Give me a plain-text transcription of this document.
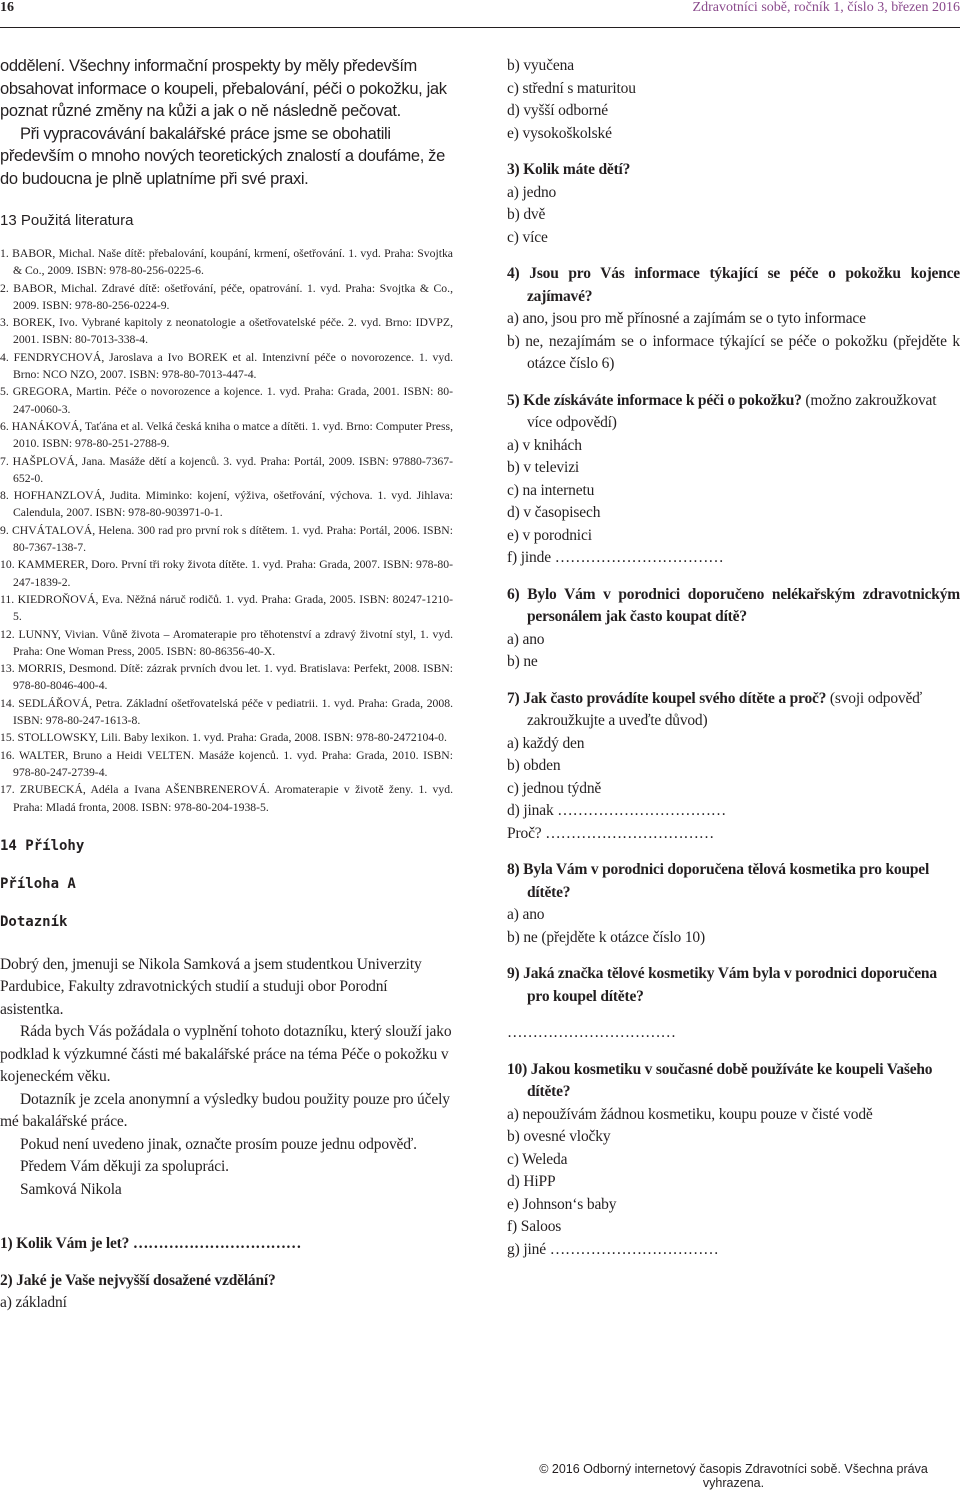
16	Zdravotníci sobě, ročník 1, číslo 3, březen 2016

oddělení. Všechny informační prospekty by měly především obsahovat informace o koupeli, přebalování, péči o pokožku, jak poznat různé změny na kůži a jak o ně následně pečovat.

Při vypracovávání bakalářské práce jsme se obohatili především o mnoho nových teoretických znalostí a doufáme, že do budoucna je plně uplatníme při své praxi.

13 Použitá literatura

1. BABOR, Michal. Naše dítě: přebalování, koupání, krmení, ošetřování. 1. vyd. Praha: Svojtka & Co., 2009. ISBN: 978-80-256-0225-6.

2. BABOR, Michal. Zdravé dítě: ošetřování, péče, opatrování. 1. vyd. Praha: Svojtka & Co., 2009. ISBN: 978-80-256-0224-9.

3. BOREK, Ivo. Vybrané kapitoly z neonatologie a ošetřovatelské péče. 2. vyd. Brno: IDVPZ, 2001. ISBN: 80-7013-338-4.

4. FENDRYCHOVÁ, Jaroslava a Ivo BOREK et al. Intenzivní péče o novorozence. 1. vyd. Brno: NCO NZO, 2007. ISBN: 978-80-7013-447-4.

5. GREGORA, Martin. Péče o novorozence a kojence. 1. vyd. Praha: Grada, 2001. ISBN: 80-247-0060-3.

6. HANÁKOVÁ, Taťána et al. Velká česká kniha o matce a dítěti. 1. vyd. Brno: Computer Press, 2010. ISBN: 978-80-251-2788-9.

7. HAŠPLOVÁ, Jana. Masáže dětí a kojenců. 3. vyd. Praha: Portál, 2009. ISBN: 97880-7367-652-0.

8. HOFHANZLOVÁ, Judita. Miminko: kojení, výživa, ošetřování, výchova. 1. vyd. Jihlava: Calendula, 2007. ISBN: 978-80-903971-0-1.

9. CHVÁTALOVÁ, Helena. 300 rad pro první rok s dítětem. 1. vyd. Praha: Portál, 2006. ISBN: 80-7367-138-7.

10. KAMMERER, Doro. První tři roky života dítěte. 1. vyd. Praha: Grada, 2007. ISBN: 978-80-247-1839-2.

11. KIEDROŇOVÁ, Eva. Něžná náruč rodičů. 1. vyd. Praha: Grada, 2005. ISBN: 80247-1210-5.

12. LUNNY, Vivian. Vůně života – Aromaterapie pro těhotenství a zdravý životní styl, 1. vyd. Praha: One Woman Press, 2005. ISBN: 80-86356-40-X.

13. MORRIS, Desmond. Dítě: zázrak prvních dvou let. 1. vyd. Bratislava: Perfekt, 2008. ISBN: 978-80-8046-400-4.

14. SEDLÁŘOVÁ, Petra. Základní ošetřovatelská péče v pediatrii. 1. vyd. Praha: Grada, 2008. ISBN: 978-80-247-1613-8.

15. STOLLOWSKY, Lili. Baby lexikon. 1. vyd. Praha: Grada, 2008. ISBN: 978-80-2472104-0.

16. WALTER, Bruno a Heidi VELTEN. Masáže kojenců. 1. vyd. Praha: Grada, 2010. ISBN: 978-80-247-2739-4.

17. ZRUBECKÁ, Adéla a Ivana AŠENBRENEROVÁ. Aromaterapie v životě ženy. 1. vyd. Praha: Mladá fronta, 2008. ISBN: 978-80-204-1938-5.

14 Přílohy

Příloha A

Dotazník

Dobrý den, jmenuji se Nikola Samková a jsem studentkou Univerzity Pardubice, Fakulty zdravotnických studií a studuji obor Porodní asistentka.

Ráda bych Vás požádala o vyplnění tohoto dotazníku, který slouží jako podklad k výzkumné části mé bakalářské práce na téma Péče o pokožku v kojeneckém věku.

Dotazník je zcela anonymní a výsledky budou použity pouze pro účely mé bakalářské práce.

Pokud není uvedeno jinak, označte prosím pouze jednu odpověď.

Předem Vám děkuji za spolupráci.

Samková Nikola

1) Kolik Vám je let? ……………………………

2) Jaké je Vaše nejvyšší dosažené vzdělání?

a) základní

b) vyučena

c) střední s maturitou

d) vyšší odborné

e) vysokoškolské

3) Kolik máte dětí?

a) jedno

b) dvě

c) více

4) Jsou pro Vás informace týkající se péče o pokožku kojence zajímavé?

a) ano, jsou pro mě přínosné a zajímám se o tyto informace

b) ne, nezajímám se o informace týkající se péče o pokožku (přejděte k otázce číslo 6)

5) Kde získáváte informace k péči o pokožku? (možno zakroužkovat více odpovědí)

a) v knihách

b) v televizi

c) na internetu

d) v časopisech

e) v porodnici

f) jinde ……………………………

6) Bylo Vám v porodnici doporučeno nelékařským zdravotnickým personálem jak často koupat dítě?

a) ano

b) ne

7) Jak často provádíte koupel svého dítěte a proč? (svoji odpověď zakroužkujte a uveďte důvod)

a) každý den

b) obden

c) jednou týdně

d) jinak ……………………………

Proč? ……………………………

8) Byla Vám v porodnici doporučena tělová kosmetika pro koupel dítěte?

a) ano

b) ne (přejděte k otázce číslo 10)

9) Jaká značka tělové kosmetiky Vám byla v porodnici doporučena pro koupel dítěte?

……………………………

10) Jakou kosmetiku v současné době používáte ke koupeli Vašeho dítěte?

a) nepoužívám žádnou kosmetiku, koupu pouze v čisté vodě

b) ovesné vločky

c) Weleda

d) HiPP

e) Johnson‘s baby

f) Saloos

g) jiné ……………………………

© 2016 Odborný internetový časopis Zdravotníci sobě. Všechna práva vyhrazena.
